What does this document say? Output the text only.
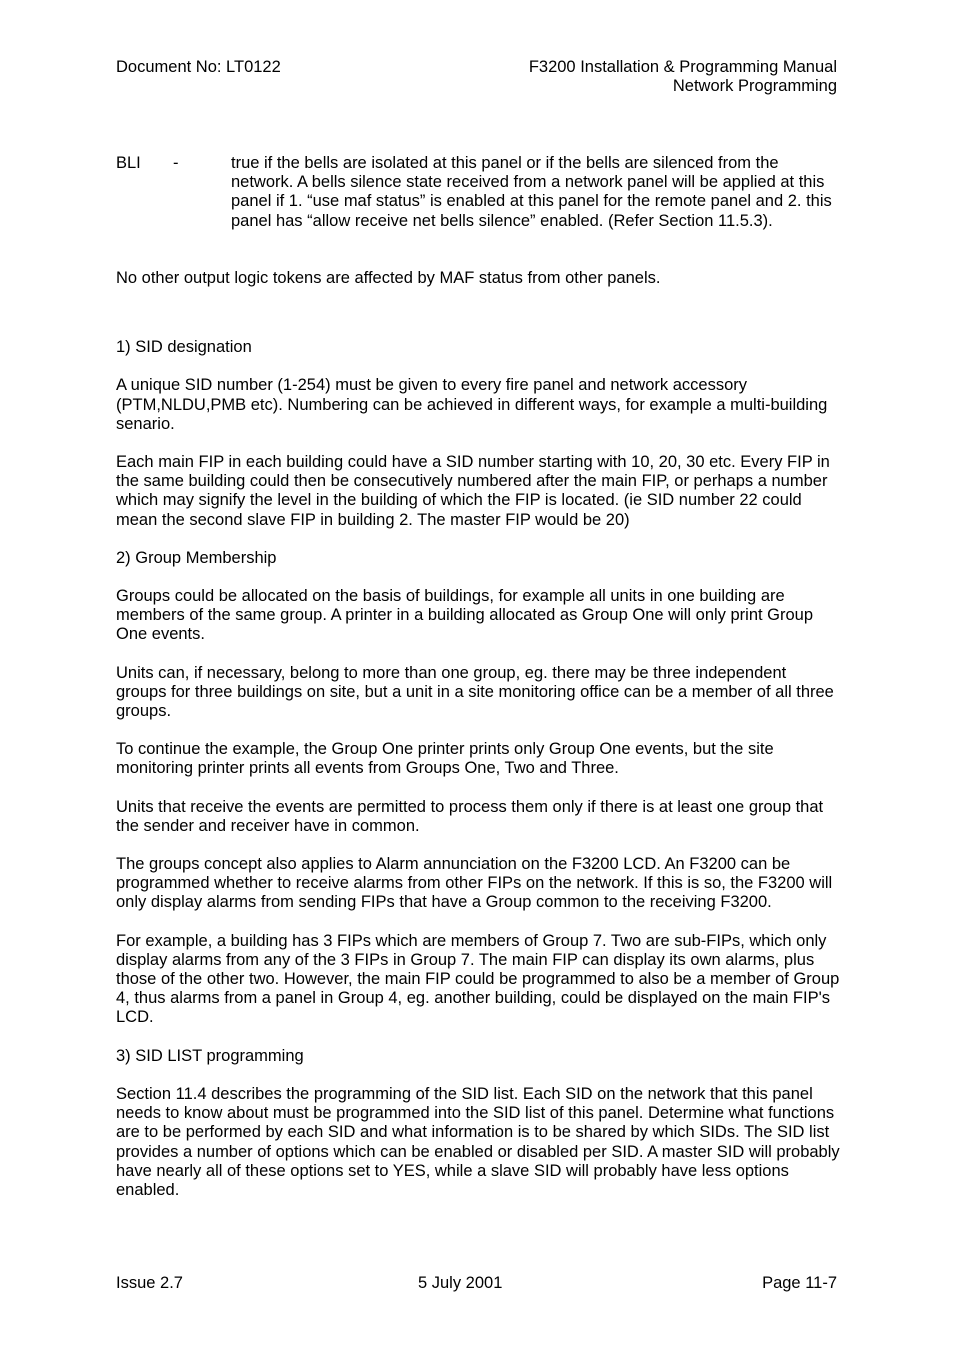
Document No: LT0122	F3200 Installation & Programming Manual
Network Programming
BLI -	true if the bells are isolated at this panel or if the bells are silenced from the network. A bells silence state received from a network panel will be applied at this panel if 1. “use maf status” is enabled at this panel for the remote panel and 2. this panel has “allow receive net bells silence” enabled. (Refer Section 11.5.3).

No other output logic tokens are affected by MAF status from other panels.

1) SID designation

A unique SID number (1-254) must be given to every fire panel and network accessory (PTM,NLDU,PMB etc). Numbering can be achieved in different ways, for example a multi-building senario.

Each main FIP in each building could have a SID number starting with 10, 20, 30 etc. Every FIP in the same building could then be consecutively numbered after the main FIP, or perhaps a number which may signify the level in the building of which the FIP is located. (ie SID number 22 could mean the second slave FIP in building 2. The master FIP would be 20)

2) Group Membership

Groups could be allocated on the basis of buildings, for example all units in one building are members of the same group. A printer in a building allocated as Group One will only print Group One events.

Units can, if necessary, belong to more than one group, eg. there may be three independent groups for three buildings on site, but a unit in a site monitoring office can be a member of all three groups.

To continue the example, the Group One printer prints only Group One events, but the site monitoring printer prints all events from Groups One, Two and Three.

Units that receive the events are permitted to process them only if there is at least one group that the sender and receiver have in common.

The groups concept also applies to Alarm annunciation on the F3200 LCD. An F3200 can be programmed whether to receive alarms from other FIPs on the network. If this is so, the F3200 will only display alarms from sending FIPs that have a Group common to the receiving F3200.

For example, a building has 3 FIPs which are members of Group 7. Two are sub-FIPs, which only display alarms from any of the 3 FIPs in Group 7. The main FIP can display its own alarms, plus those of the other two. However, the main FIP could be programmed to also be a member of Group 4, thus alarms from a panel in Group 4, eg. another building, could be displayed on the main FIP's LCD.

3) SID LIST programming

Section 11.4 describes the programming of the SID list. Each SID on the network that this panel needs to know about must be programmed into the SID list of this panel. Determine what functions are to be performed by each SID and what information is to be shared by which SIDs. The SID list provides a number of options which can be enabled or disabled per SID. A master SID will probably have nearly all of these options set to YES, while a slave SID will probably have less options enabled.

Issue 2.7	5 July 2001	Page 11-7
